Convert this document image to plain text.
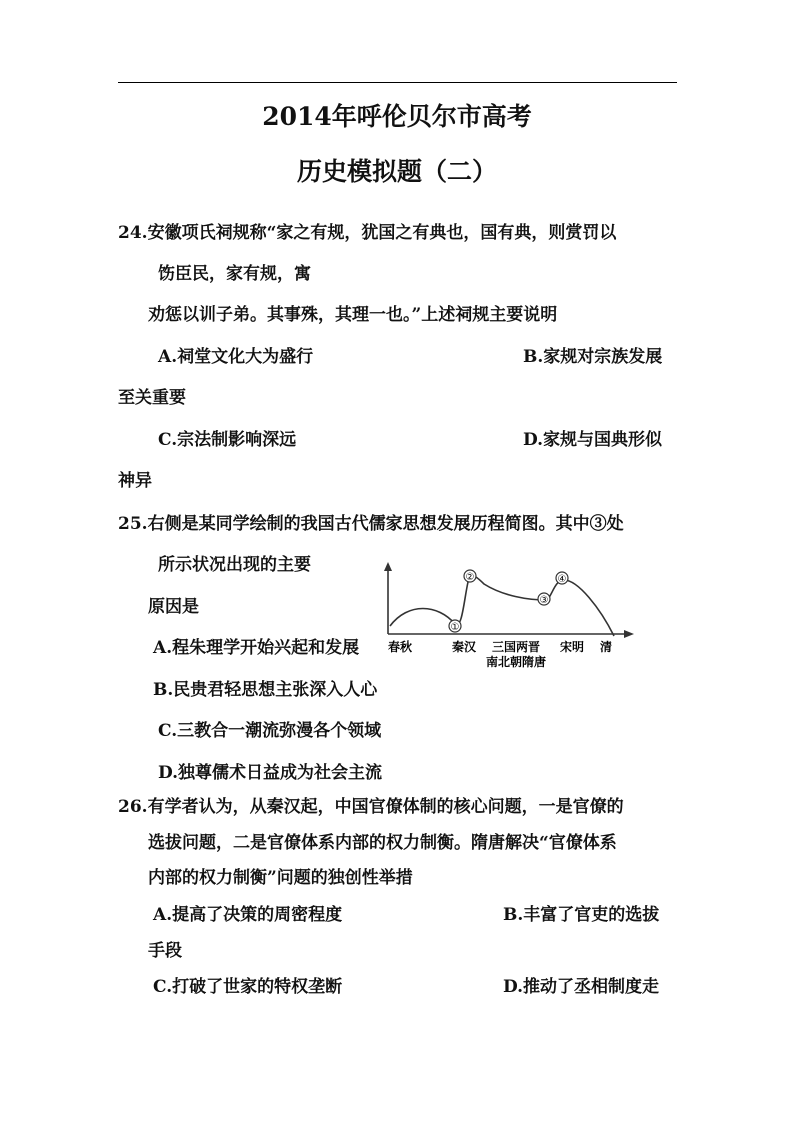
2014年呼伦贝尔市高考
历史模拟题（二）
24.安徽项氏祠规称“家之有规，犹国之有典也，国有典，则赏罚以
饬臣民，家有规，寓
劝惩以训子弟。其事殊，其理一也。”上述祠规主要说明
A.祠堂文化大为盛行	B.家规对宗族发展
至关重要
C.宗法制影响深远	D.家规与国典形似
神异
25.右侧是某同学绘制的我国古代儒家思想发展历程简图。其中③处
所示状况出现的主要
原因是
A.程朱理学开始兴起和发展
B.民贵君轻思想主张深入人心
C.三教合一潮流弥漫各个领域
D.独尊儒术日益成为社会主流
①
②
③
④
春秋	秦汉 三国两晋 宋明 清
南北朝隋唐
26.有学者认为，从秦汉起，中国官僚体制的核心问题，一是官僚的
选拔问题，二是官僚体系内部的权力制衡。隋唐解决“官僚体系
内部的权力制衡”问题的独创性举措
A.提高了决策的周密程度	B.丰富了官吏的选拔
手段
C.打破了世家的特权垄断	D.推动了丞相制度走
